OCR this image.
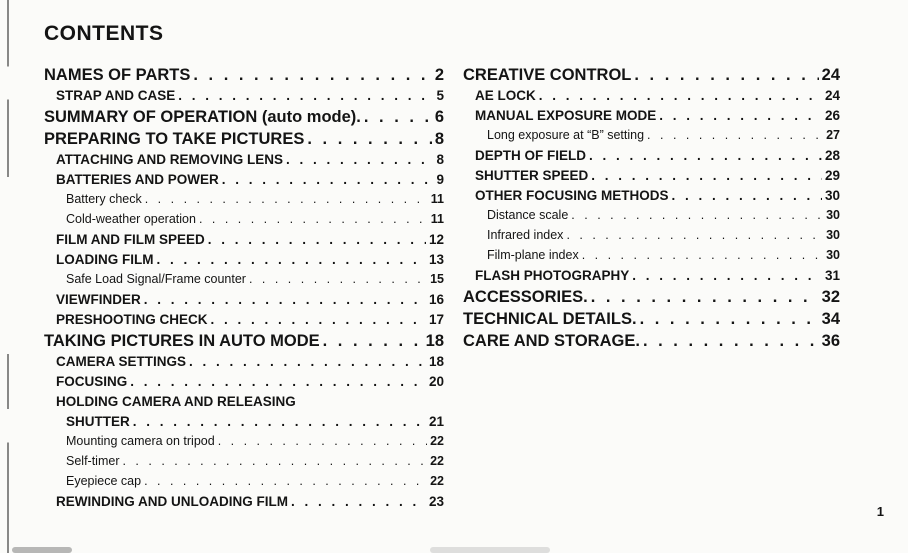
CONTENTS
NAMES OF PARTS . . .	2
STRAP AND CASE . . .	5
SUMMARY OF OPERATION (auto mode). . . .	6
PREPARING TO TAKE PICTURES . . .	8
ATTACHING AND REMOVING LENS . . .	8
BATTERIES AND POWER . . .	9
Battery check . . .	11
Cold-weather operation . . .	11
FILM AND FILM SPEED . . .	12
LOADING FILM . . .	13
Safe Load Signal/Frame counter . . .	15
VIEWFINDER . . .	16
PRESHOOTING CHECK . . .	17
TAKING PICTURES IN AUTO MODE . . .	18
CAMERA SETTINGS . . .	18
FOCUSING . . .	20
HOLDING CAMERA AND RELEASING
SHUTTER . . .	21
Mounting camera on tripod . . .	22
Self-timer . . .	22
Eyepiece cap . . .	22
REWINDING AND UNLOADING FILM . . .	23
CREATIVE CONTROL . . .	24
AE LOCK . . .	24
MANUAL EXPOSURE MODE . . .	26
Long exposure at “B” setting . . .	27
DEPTH OF FIELD . . .	28
SHUTTER SPEED . . .	29
OTHER FOCUSING METHODS . . .	30
Distance scale . . .	30
Infrared index . . .	30
Film-plane index . . .	30
FLASH PHOTOGRAPHY . . .	31
ACCESSORIES. . . .	32
TECHNICAL DETAILS. . . .	34
CARE AND STORAGE. . . .	36
1
